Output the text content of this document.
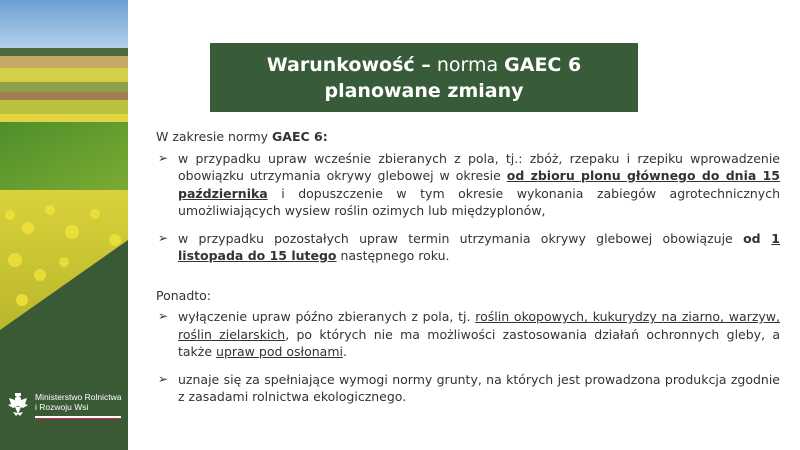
Ministerstwo Rolnictwa
i Rozwoju Wsi
Warunkowość – norma GAEC 6
planowane zmiany

W zakresie normy GAEC 6:

➢ w przypadku upraw wcześnie zbieranych z pola, tj.: zbóż, rzepaku i rzepiku wprowadzenie obowiązku utrzymania okrywy glebowej w okresie od zbioru plonu głównego do dnia 15 października i dopuszczenie w tym okresie wykonania zabiegów agrotechnicznych umożliwiających wysiew roślin ozimych lub międzyplonów,
➢ w przypadku pozostałych upraw termin utrzymania okrywy glebowej obowiązuje od 1 listopada do 15 lutego następnego roku.

Ponadto:

➢ wyłączenie upraw późno zbieranych z pola, tj. roślin okopowych, kukurydzy na ziarno, warzyw, roślin zielarskich, po których nie ma możliwości zastosowania działań ochronnych gleby, a także upraw pod osłonami.
➢ uznaje się za spełniające wymogi normy grunty, na których jest prowadzona produkcja zgodnie z zasadami rolnictwa ekologicznego.
